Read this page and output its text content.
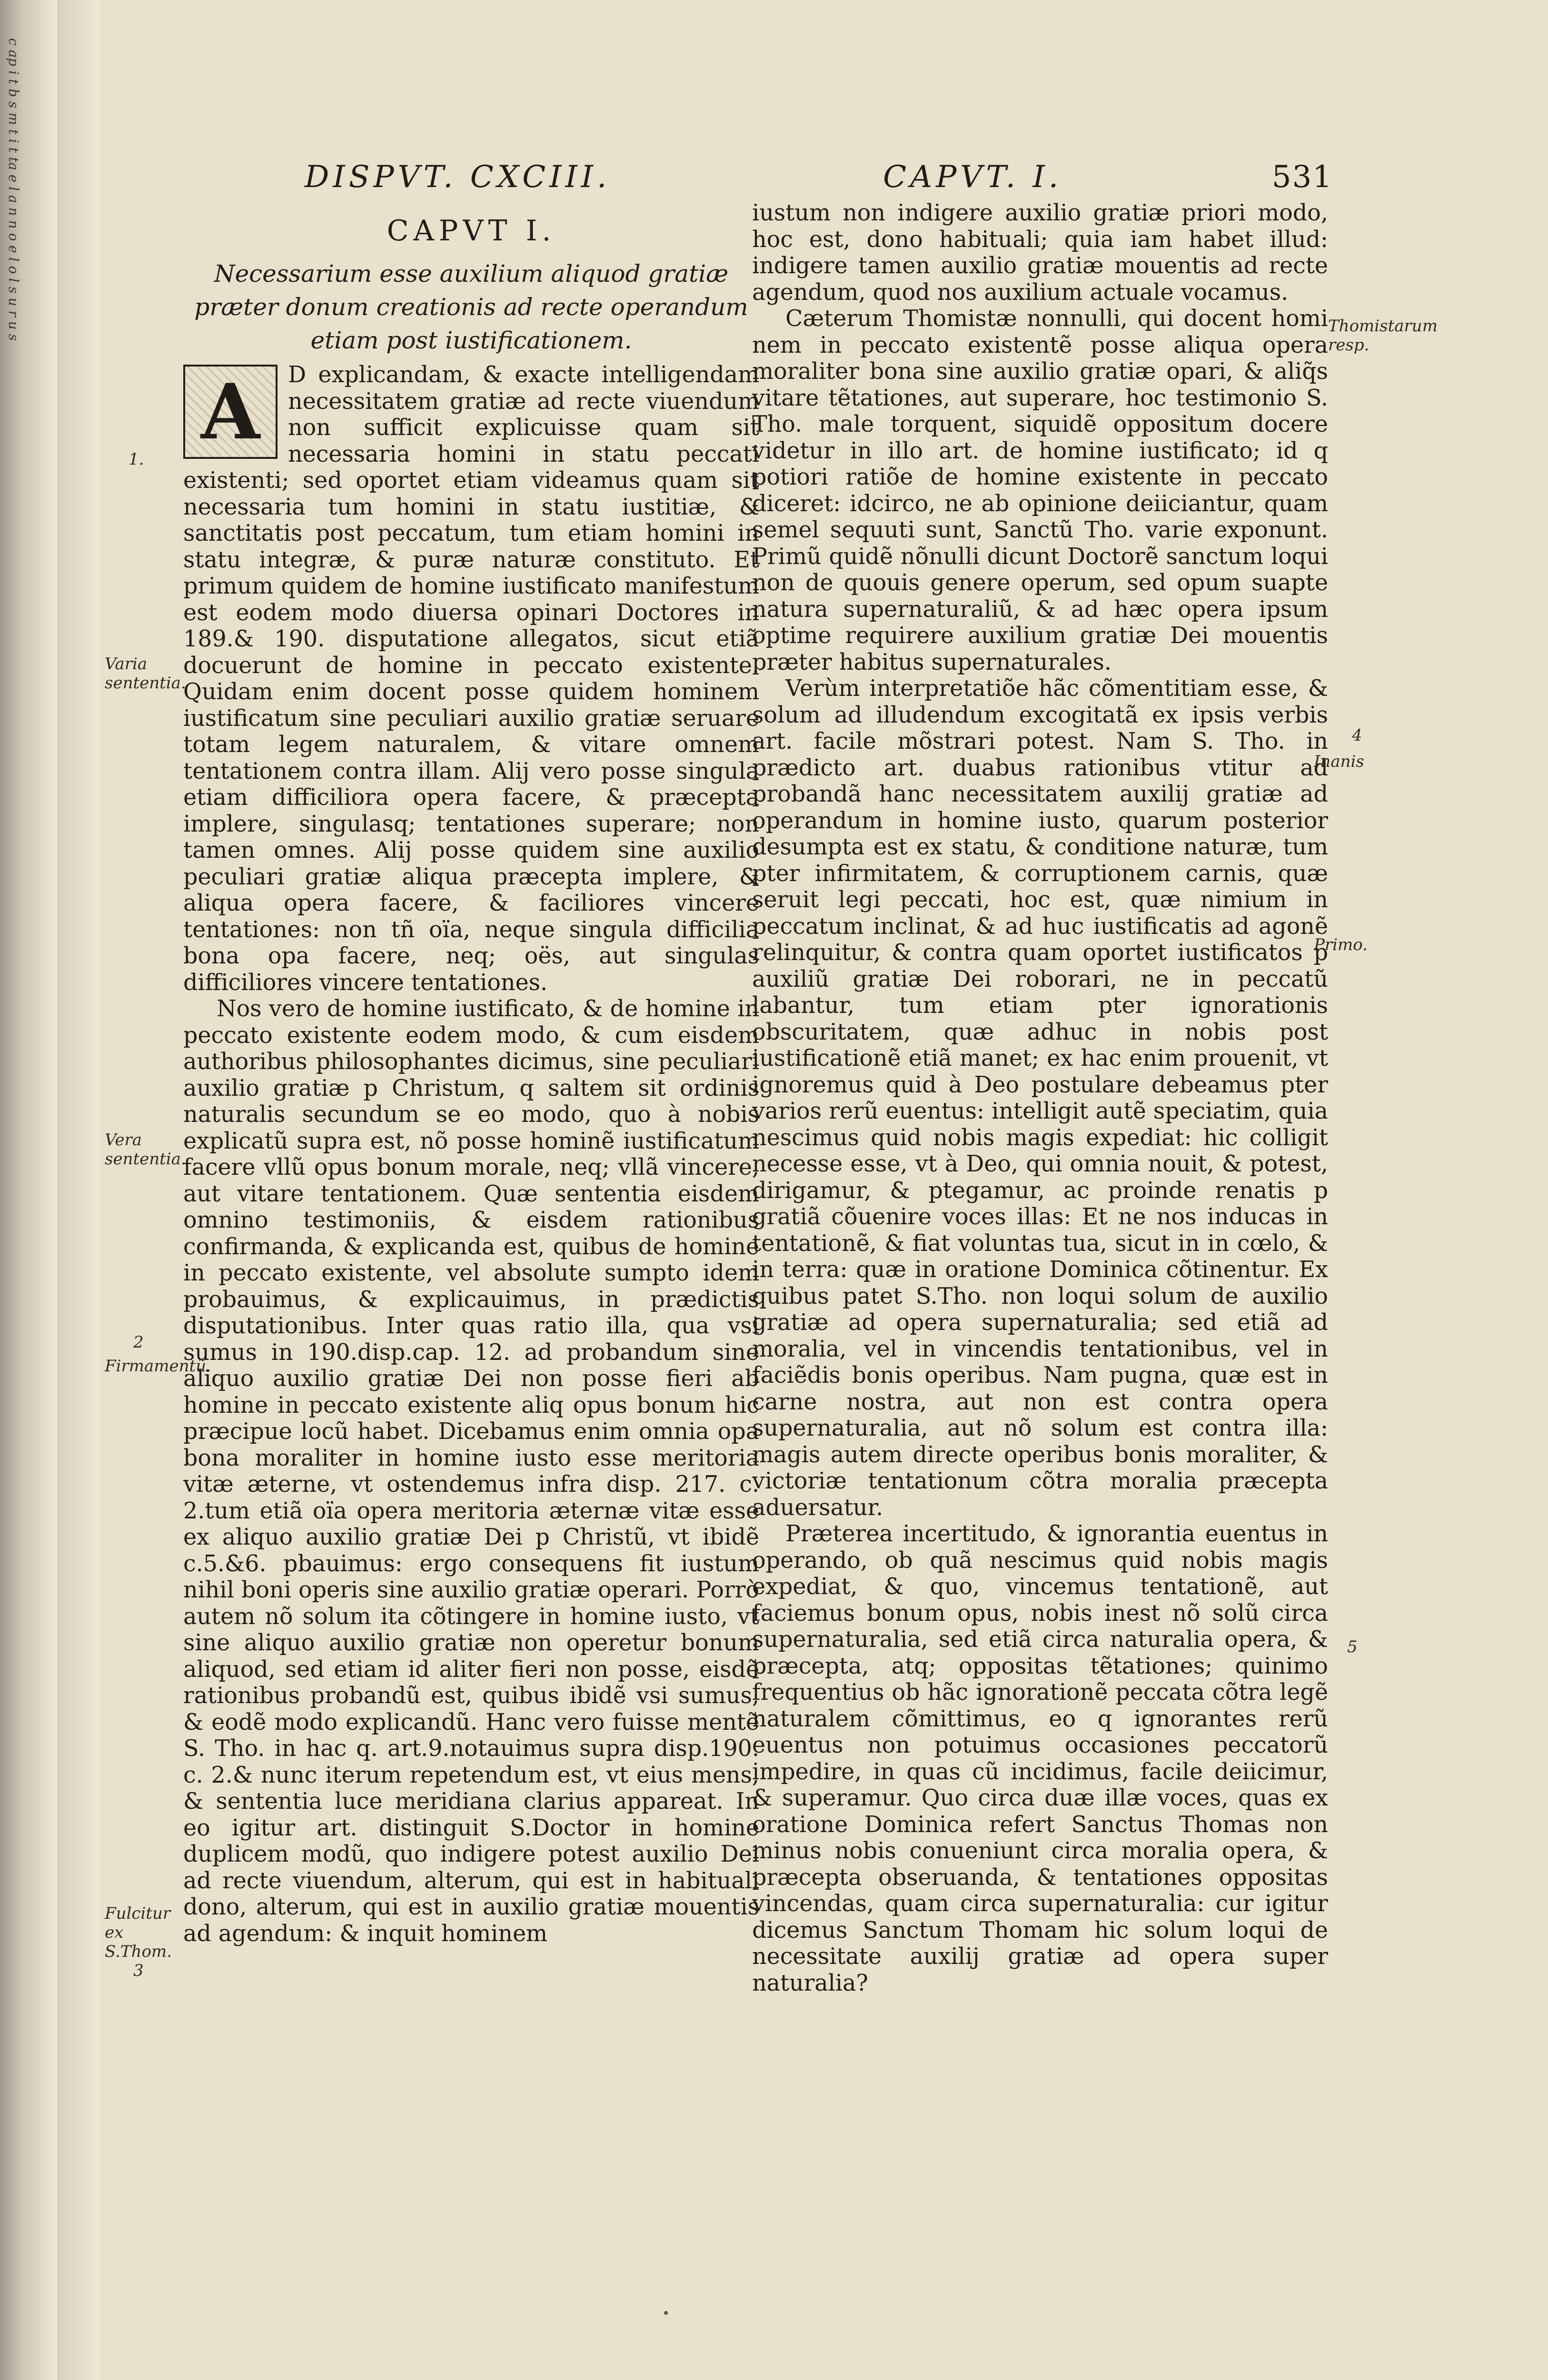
c ap i t b s m t i t ta e l a n n o e l o l s u r u s	DISPVT. CXCIII.	CAPVT. I.	531
CAPVT I.
Necessarium esse auxilium aliquod gratiæ præter donum creationis ad recte operandum etiam post iustificationem.

A	D explicandam, & exacte intelligendam necessitatem gratiæ ad recte viuendum non sufficit explicuisse quam sit necessaria homini in statu peccati existenti; sed oportet etiam videamus quam sit necessaria tum homini in statu iustitiæ, & sanctitatis post peccatum, tum etiam homini in statu integræ, & puræ naturæ constituto. Et primum quidem de homine iustificato manifestum est eodem modo diuersa opinari Doctores in 189.& 190. disputatione allegatos, sicut etiã docuerunt de homine in peccato existente. Quidam enim docent posse quidem hominem iustificatum sine peculiari auxilio gratiæ seruare totam legem naturalem, & vitare omnem tentationem contra illam. Alij vero posse singula etiam difficiliora opera facere, & præcepta implere, singulasq; tentationes superare; non tamen omnes. Alij posse quidem sine auxilio peculiari gratiæ aliqua præcepta implere, & aliqua opera facere, & faciliores vincere tentationes: non tñ oïa, neque singula difficilia bona opa facere, neq; oës, aut singulas difficiliores vincere tentationes.

Nos vero de homine iustificato, & de homine in peccato existente eodem modo, & cum eisdem authoribus philosophantes dicimus, sine peculiari auxilio gratiæ p Christum, q saltem sit ordinis naturalis secundum se eo modo, quo à nobis explicatũ supra est, nõ posse hominẽ iustificatum facere vllũ opus bonum morale, neq; vllã vincere, aut vitare tentationem. Quæ sententia eisdem omnino testimoniis, & eisdem rationibus confirmanda, & explicanda est, quibus de homine in peccato existente, vel absolute sumpto idem probauimus, & explicauimus, in prædictis disputationibus. Inter quas ratio illa, qua vsi sumus in 190.disp.cap. 12. ad probandum sine aliquo auxilio gratiæ Dei non posse fieri ab homine in peccato existente aliq opus bonum hic præcipue locũ habet. Dicebamus enim omnia opa bona moraliter in homine iusto esse meritoria vitæ æterne, vt ostendemus infra disp. 217. c. 2.tum etiã oïa opera meritoria æternæ vitæ esse ex aliquo auxilio gratiæ Dei p Christũ, vt ibidẽ c.5.&6. pbauimus: ergo consequens fit iustum nihil boni operis sine auxilio gratiæ operari. Porrò autem nõ solum ita cõtingere in homine iusto, vt sine aliquo auxilio gratiæ non operetur bonum aliquod, sed etiam id aliter fieri non posse, eisdẽ rationibus probandũ est, quibus ibidẽ vsi sumus, & eodẽ modo explicandũ. Hanc vero fuisse mentẽ S. Tho. in hac q. art.9.notauimus supra disp.190. c. 2.& nunc iterum repetendum est, vt eius mens, & sententia luce meridiana clarius appareat. In eo igitur art. distinguit S.Doctor in homine duplicem modũ, quo indigere potest auxilio Dei ad recte viuendum, alterum, qui est in habituali dono, alterum, qui est in auxilio gratiæ mouentis ad agendum: & inquit hominem

iustum non indigere auxilio gratiæ priori modo, hoc est, dono habituali; quia iam habet illud: indigere tamen auxilio gratiæ mouentis ad recte agendum, quod nos auxilium actuale vocamus.

Cæterum Thomistæ nonnulli, qui docent homi nem in peccato existentẽ posse aliqua opera moraliter bona sine auxilio gratiæ opari, & aliq̃s vitare tẽtationes, aut superare, hoc testimonio S. Tho. male torquent, siquidẽ oppositum docere videtur in illo art. de homine iustificato; id q potiori ratiõe de homine existente in peccato diceret: idcirco, ne ab opinione deiiciantur, quam semel sequuti sunt, Sanctũ Tho. varie exponunt. Primũ quidẽ nõnulli dicunt Doctorẽ sanctum loqui non de quouis genere operum, sed opum suapte natura supernaturaliũ, & ad hæc opera ipsum optime requirere auxilium gratiæ Dei mouentis præter habitus supernaturales.

Verùm interpretatiõe hãc cõmentitiam esse, & solum ad illudendum excogitatã ex ipsis verbis art. facile mõstrari potest. Nam S. Tho. in prædicto art. duabus rationibus vtitur ad probandã hanc necessitatem auxilij gratiæ ad operandum in homine iusto, quarum posterior desumpta est ex statu, & conditione naturæ, tum pter infirmitatem, & corruptionem carnis, quæ seruit legi peccati, hoc est, quæ nimium in peccatum inclinat, & ad huc iustificatis ad agonẽ relinquitur, & contra quam oportet iustificatos p auxiliũ gratiæ Dei roborari, ne in peccatũ labantur, tum etiam pter ignorationis obscuritatem, quæ adhuc in nobis post iustificationẽ etiã manet; ex hac enim prouenit, vt ignoremus quid à Deo postulare debeamus pter varios rerũ euentus: intelligit autẽ speciatim, quia nescimus quid nobis magis expediat: hic colligit necesse esse, vt à Deo, qui omnia nouit, & potest, dirigamur, & ptegamur, ac proinde renatis p gratiã cõuenire voces illas: Et ne nos inducas in tentationẽ, & fiat voluntas tua, sicut in in cœlo, & in terra: quæ in oratione Dominica cõtinentur. Ex quibus patet S.Tho. non loqui solum de auxilio gratiæ ad opera supernaturalia; sed etiã ad moralia, vel in vincendis tentationibus, vel in faciẽdis bonis operibus. Nam pugna, quæ est in carne nostra, aut non est contra opera supernaturalia, aut nõ solum est contra illa: magis autem directe operibus bonis moraliter, & victoriæ tentationum cõtra moralia præcepta aduersatur.

Præterea incertitudo, & ignorantia euentus in operando, ob quã nescimus quid nobis magis expediat, & quo, vincemus tentationẽ, aut faciemus bonum opus, nobis inest nõ solũ circa supernaturalia, sed etiã circa naturalia opera, & præcepta, atq; oppositas tẽtationes; quinimo frequentius ob hãc ignorationẽ peccata cõtra legẽ naturalem cõmittimus, eo q ignorantes rerũ euentus non potuimus occasiones peccatorũ impedire, in quas cũ incidimus, facile deiicimur, & superamur. Quo circa duæ illæ voces, quas ex oratione Dominica refert Sanctus Thomas non minus nobis conueniunt circa moralia opera, & præcepta obseruanda, & tentationes oppositas vincendas, quam circa supernaturalia: cur igitur dicemus Sanctum Thomam hic solum loqui de necessitate auxilij gratiæ ad opera super naturalia?

1.
Varia sententia.
Vera sententia.
2
Firmamentũ.
Fulcitur ex S.Thom.
3
Thomistarum resp.
4
Inanis
Primo.
5
